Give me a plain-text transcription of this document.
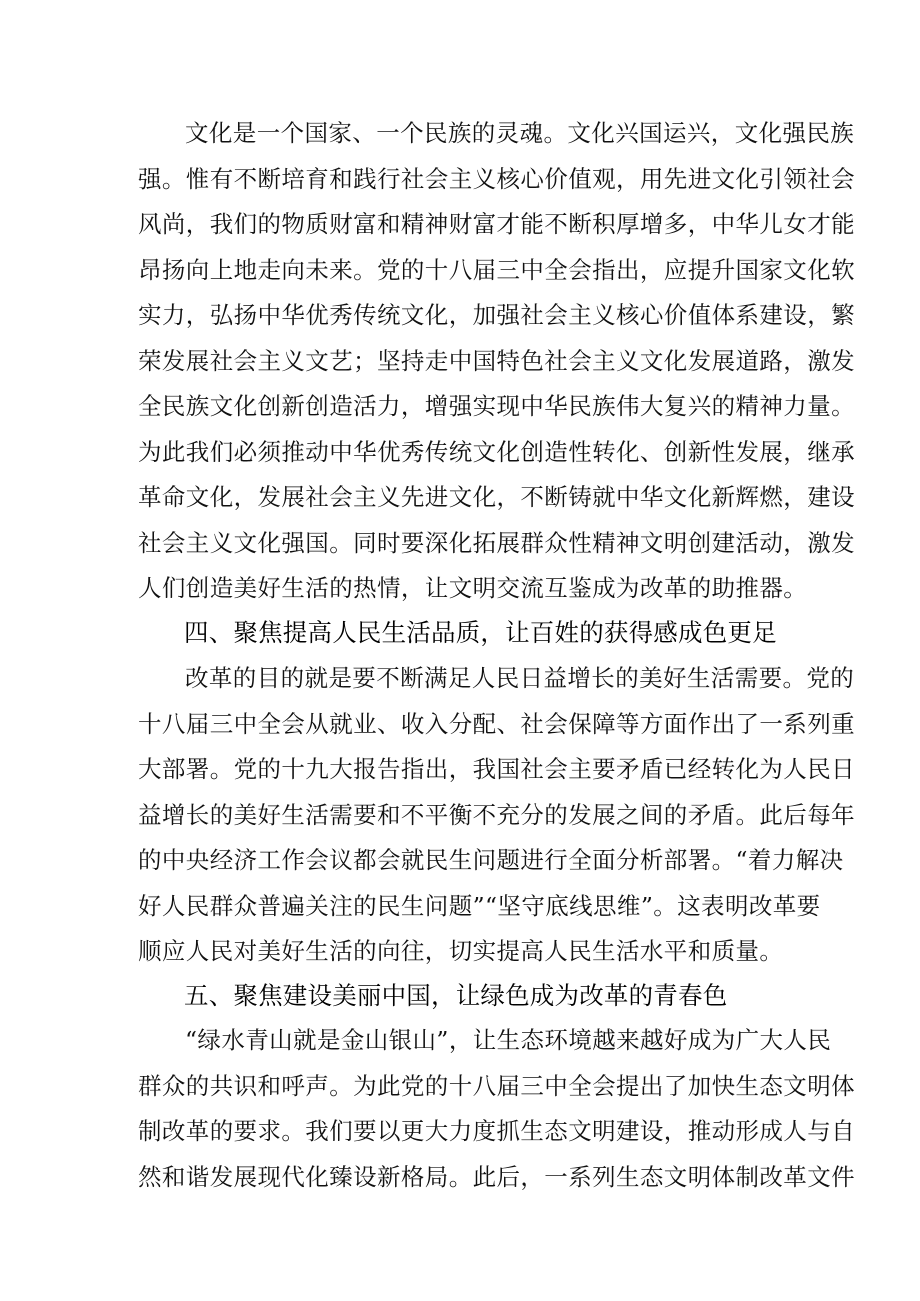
文化是一个国家、一个民族的灵魂。文化兴国运兴，文化强民族
强。惟有不断培育和践行社会主义核心价值观，用先进文化引领社会
风尚，我们的物质财富和精神财富才能不断积厚增多，中华儿女才能
昂扬向上地走向未来。党的十八届三中全会指出，应提升国家文化软
实力，弘扬中华优秀传统文化，加强社会主义核心价值体系建设，繁
荣发展社会主义文艺；坚持走中国特色社会主义文化发展道路，激发
全民族文化创新创造活力，增强实现中华民族伟大复兴的精神力量。
为此我们必须推动中华优秀传统文化创造性转化、创新性发展，继承
革命文化，发展社会主义先进文化，不断铸就中华文化新辉燃，建设
社会主义文化强国。同时要深化拓展群众性精神文明创建活动，激发
人们创造美好生活的热情，让文明交流互鉴成为改革的助推器。
四、聚焦提高人民生活品质，让百姓的获得感成色更足
改革的目的就是要不断满足人民日益增长的美好生活需要。党的
十八届三中全会从就业、收入分配、社会保障等方面作出了一系列重
大部署。党的十九大报告指出，我国社会主要矛盾已经转化为人民日
益增长的美好生活需要和不平衡不充分的发展之间的矛盾。此后每年
的中央经济工作会议都会就民生问题进行全面分析部署。“着力解决
好人民群众普遍关注的民生问题”“坚守底线思维”。这表明改革要
顺应人民对美好生活的向往，切实提高人民生活水平和质量。
五、聚焦建设美丽中国，让绿色成为改革的青春色
“绿水青山就是金山银山”，让生态环境越来越好成为广大人民
群众的共识和呼声。为此党的十八届三中全会提出了加快生态文明体
制改革的要求。我们要以更大力度抓生态文明建设，推动形成人与自
然和谐发展现代化臻设新格局。此后，一系列生态文明体制改革文件
